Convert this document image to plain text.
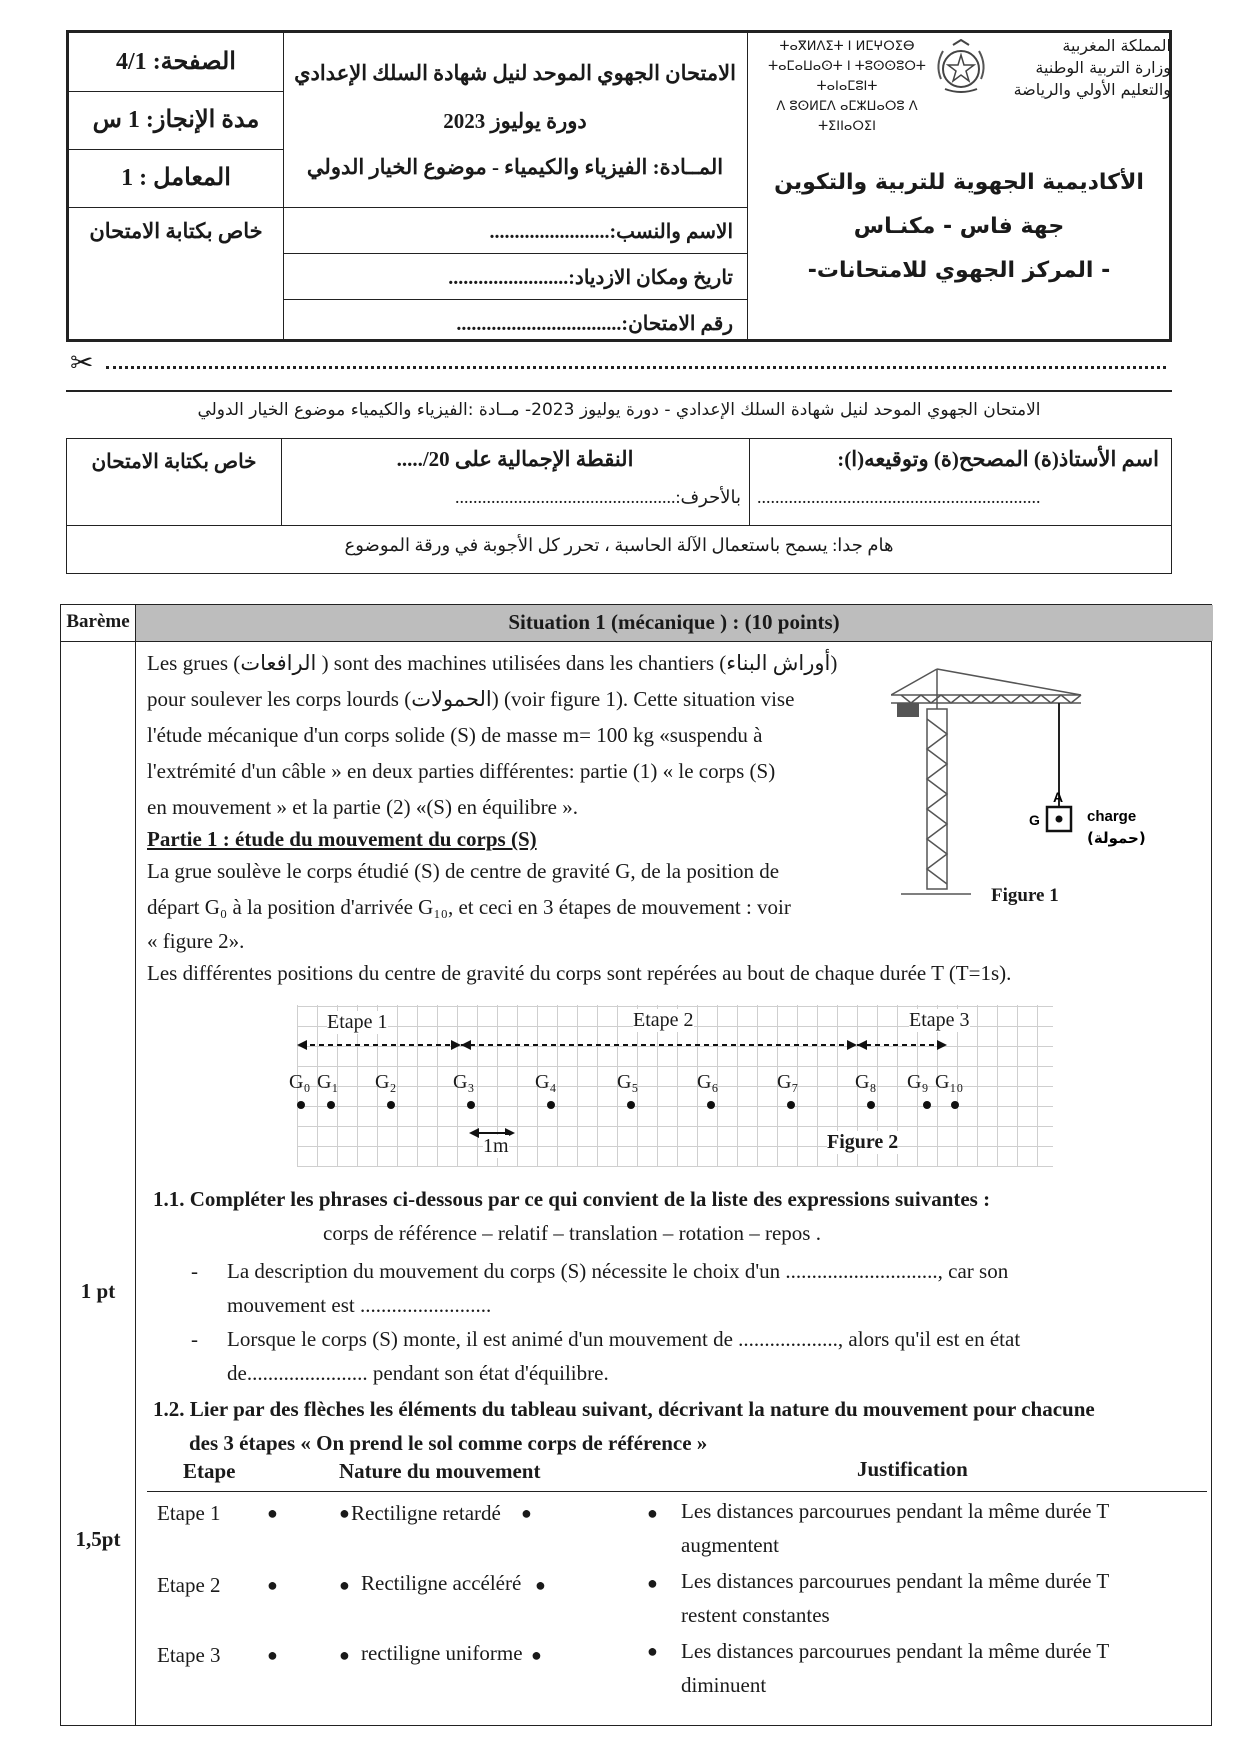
الصفحة: 4/1
مدة الإنجاز: 1 س
المعامل : 1
خاص بكتابة الامتحان
الامتحان الجهوي الموحد لنيل شهادة السلك الإعدادي
دورة يوليوز 2023
المــادة: الفيزياء والكيمياء - موضوع الخيار الدولي
الاسم والنسب:........................
تاريخ ومكان الازدياد:........................
رقم الامتحان:.................................
ⵜⴰⴳⵍⴷⵉⵜ ⵏ ⵍⵎⵖⵔⵉⴱ
ⵜⴰⵎⴰⵡⴰⵙⵜ ⵏ ⵜⵓⵙⵙⵓⵔⵜ ⵜⴰⵏⴰⵎⵓⵏⵜ
ⴷ ⵓⵙⵍⵎⴷ ⴰⵎⵣⵡⴰⵔⵓ ⴷ ⵜⵉⵏⵏⴰⵔⵉⵏ
المملكة المغربية
وزارة التربية الوطنية
والتعليم الأولي والرياضة
الأكاديمية الجهوية للتربية والتكوين
جهة فاس - مكنـاس
- المركز الجهوي للامتحانات-
✂
الامتحان الجهوي الموحد لنيل شهادة السلك الإعدادي - دورة يوليوز 2023- مــادة :الفيزياء والكيمياء موضوع الخيار الدولي
خاص بكتابة الامتحان	النقطة الإجمالية على 20/.....
بالأحرف:.................................................
اسم الأستاذ(ة) المصحح(ة) وتوقيعه(ا):
...............................................................
هام جدا: يسمح باستعمال الآلة الحاسبة ، تحرر كل الأجوبة في ورقة الموضوع
Barème	Situation 1 (mécanique ) : (10 points)
Les grues (الرافعات ) sont des machines utilisées dans les chantiers (أوراش البناء)
pour soulever les corps lourds (الحمولات) (voir figure 1). Cette situation vise
l'étude mécanique d'un corps solide (S) de masse m= 100 kg «suspendu à
l'extrémité d'un câble » en deux parties différentes: partie (1) « le corps (S)
en mouvement » et la partie (2) «(S) en équilibre ».
Partie 1 : étude du mouvement du corps (S)
La grue soulève le corps étudié (S) de centre de gravité G, de la position de
départ G₀ à la position d'arrivée G₁₀, et ceci en 3 étapes de mouvement : voir
« figure 2».
Les différentes positions du centre de gravité du corps sont repérées au bout de chaque durée T (T=1s).
A
G	charge
(حمولة)
Figure 1
Etape 1	Etape 2	Etape 3
1m	Figure 2
G₀ G₁ G₂	G₃	G₄	G₅	G₆	G₇	G₈ G₉ G₁₀
1 pt
1.1. Compléter les phrases ci-dessous par ce qui convient de la liste des expressions suivantes :
corps de référence – relatif – translation – rotation – repos .
- La description du mouvement du corps (S) nécessite le choix d'un ............................., car son
mouvement est .........................
- Lorsque le corps (S) monte, il est animé d'un mouvement de ..................., alors qu'il est en état
de....................... pendant son état d'équilibre.
1.2. Lier par des flèches les éléments du tableau suivant, décrivant la nature du mouvement pour chacune
des 3 étapes « On prend le sol comme corps de référence »
1,5pt
Etape	Nature du mouvement	Justification
Etape 1	●	● Rectiligne retardé ●	● Les distances parcourues pendant la même durée T
augmentent
Etape 2	●	● Rectiligne accéléré ●	● Les distances parcourues pendant la même durée T
restent constantes
Etape 3	●	● rectiligne uniforme ●	● Les distances parcourues pendant la même durée T
diminuent
